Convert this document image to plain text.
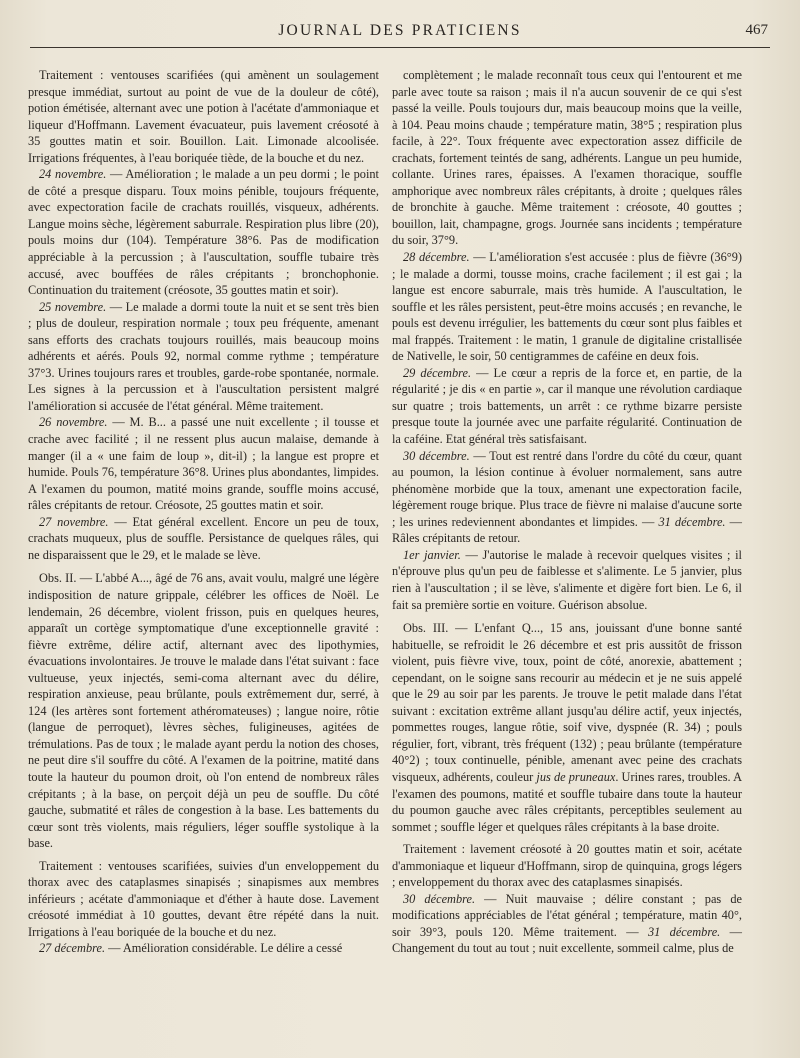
JOURNAL DES PRATICIENS	467

Traitement : ventouses scarifiées (qui amènent un soulagement presque immédiat, surtout au point de vue de la douleur de côté), potion émétisée, alternant avec une potion à l'acétate d'ammoniaque et liqueur d'Hoffmann. Lavement évacuateur, puis lavement créosoté à 35 gouttes matin et soir. Bouillon. Lait. Limonade alcoolisée. Irrigations fréquentes, à l'eau boriquée tiède, de la bouche et du nez.

24 novembre. — Amélioration ; le malade a un peu dormi ; le point de côté a presque disparu. Toux moins pénible, toujours fréquente, avec expectoration facile de crachats rouillés, visqueux, adhérents. Langue moins sèche, légèrement saburrale. Respiration plus libre (20), pouls moins dur (104). Température 38°6. Pas de modification appréciable à la percussion ; à l'auscultation, souffle tubaire très accusé, avec bouffées de râles crépitants ; bronchophonie. Continuation du traitement (créosote, 35 gouttes matin et soir).

25 novembre. — Le malade a dormi toute la nuit et se sent très bien ; plus de douleur, respiration normale ; toux peu fréquente, amenant sans efforts des crachats toujours rouillés, mais beaucoup moins adhérents et aérés. Pouls 92, normal comme rythme ; température 37°3. Urines toujours rares et troubles, garde-robe spontanée, normale. Les signes à la percussion et à l'auscultation persistent malgré l'amélioration si accusée de l'état général. Même traitement.

26 novembre. — M. B... a passé une nuit excellente ; il tousse et crache avec facilité ; il ne ressent plus aucun malaise, demande à manger (il a « une faim de loup », dit-il) ; la langue est propre et humide. Pouls 76, température 36°8. Urines plus abondantes, limpides. A l'examen du poumon, matité moins grande, souffle moins accusé, râles crépitants de retour. Créosote, 25 gouttes matin et soir.

27 novembre. — Etat général excellent. Encore un peu de toux, crachats muqueux, plus de souffle. Persistance de quelques râles, qui ne disparaissent que le 29, et le malade se lève.

Obs. II. — L'abbé A..., âgé de 76 ans, avait voulu, malgré une légère indisposition de nature grippale, célébrer les offices de Noël. Le lendemain, 26 décembre, violent frisson, puis en quelques heures, apparaît un cortège symptomatique d'une exceptionnelle gravité : fièvre extrême, délire actif, alternant avec des lipothymies, évacuations involontaires. Je trouve le malade dans l'état suivant : face vultueuse, yeux injectés, semi-coma alternant avec du délire, respiration anxieuse, peau brûlante, pouls extrêmement dur, serré, à 124 (les artères sont fortement athéromateuses) ; langue noire, rôtie (langue de perroquet), lèvres sèches, fuligineuses, agitées de trémulations. Pas de toux ; le malade ayant perdu la notion des choses, ne peut dire s'il souffre du côté. A l'examen de la poitrine, matité dans toute la hauteur du poumon droit, où l'on entend de nombreux râles crépitants ; à la base, on perçoit déjà un peu de souffle. Du côté gauche, submatité et râles de congestion à la base. Les battements du cœur sont très violents, mais réguliers, léger souffle systolique à la base.

Traitement : ventouses scarifiées, suivies d'un enveloppement du thorax avec des cataplasmes sinapisés ; sinapismes aux membres inférieurs ; acétate d'ammoniaque et d'éther à haute dose. Lavement créosoté immédiat à 10 gouttes, devant être répété dans la nuit. Irrigations à l'eau boriquée de la bouche et du nez.

27 décembre. — Amélioration considérable. Le délire a cessé

complètement ; le malade reconnaît tous ceux qui l'entourent et me parle avec toute sa raison ; mais il n'a aucun souvenir de ce qui s'est passé la veille. Pouls toujours dur, mais beaucoup moins que la veille, à 104. Peau moins chaude ; température matin, 38°5 ; respiration plus facile, à 22°. Toux fréquente avec expectoration assez difficile de crachats, fortement teintés de sang, adhérents. Langue un peu humide, collante. Urines rares, épaisses. A l'examen thoracique, souffle amphorique avec nombreux râles crépitants, à droite ; quelques râles de bronchite à gauche. Même traitement : créosote, 40 gouttes ; bouillon, lait, champagne, grogs. Journée sans incidents ; température du soir, 37°9.

28 décembre. — L'amélioration s'est accusée : plus de fièvre (36°9) ; le malade a dormi, tousse moins, crache facilement ; il est gai ; la langue est encore saburrale, mais très humide. A l'auscultation, le souffle et les râles persistent, peut-être moins accusés ; en revanche, le pouls est devenu irrégulier, les battements du cœur sont plus faibles et mal frappés. Traitement : le matin, 1 granule de digitaline cristallisée de Nativelle, le soir, 50 centigrammes de caféine en deux fois.

29 décembre. — Le cœur a repris de la force et, en partie, de la régularité ; je dis « en partie », car il manque une révolution cardiaque sur quatre ; trois battements, un arrêt : ce rythme bizarre persiste presque toute la journée avec une parfaite régularité. Continuation de la caféine. Etat général très satisfaisant.

30 décembre. — Tout est rentré dans l'ordre du côté du cœur, quant au poumon, la lésion continue à évoluer normalement, sans autre phénomène morbide que la toux, amenant une expectoration facile, légèrement rouge brique. Plus trace de fièvre ni malaise d'aucune sorte ; les urines redeviennent abondantes et limpides. — 31 décembre. — Râles crépitants de retour.

1er janvier. — J'autorise le malade à recevoir quelques visites ; il n'éprouve plus qu'un peu de faiblesse et s'alimente. Le 5 janvier, plus rien à l'auscultation ; il se lève, s'alimente et digère fort bien. Le 6, il fait sa première sortie en voiture. Guérison absolue.

Obs. III. — L'enfant Q..., 15 ans, jouissant d'une bonne santé habituelle, se refroidit le 26 décembre et est pris aussitôt de frisson violent, puis fièvre vive, toux, point de côté, anorexie, abattement ; cependant, on le soigne sans recourir au médecin et je ne suis appelé que le 29 au soir par les parents. Je trouve le petit malade dans l'état suivant : excitation extrême allant jusqu'au délire actif, yeux injectés, pommettes rouges, langue rôtie, soif vive, dyspnée (R. 34) ; pouls régulier, fort, vibrant, très fréquent (132) ; peau brûlante (température 40°2) ; toux continuelle, pénible, amenant avec peine des crachats visqueux, adhérents, couleur jus de pruneaux. Urines rares, troubles. A l'examen des poumons, matité et souffle tubaire dans toute la hauteur du poumon gauche avec râles crépitants, perceptibles seulement au sommet ; souffle léger et quelques râles crépitants à la base droite.

Traitement : lavement créosoté à 20 gouttes matin et soir, acétate d'ammoniaque et liqueur d'Hoffmann, sirop de quinquina, grogs légers ; enveloppement du thorax avec des cataplasmes sinapisés.

30 décembre. — Nuit mauvaise ; délire constant ; pas de modifications appréciables de l'état général ; température, matin 40°, soir 39°3, pouls 120. Même traitement. — 31 décembre. — Changement du tout au tout ; nuit excellente, sommeil calme, plus de
